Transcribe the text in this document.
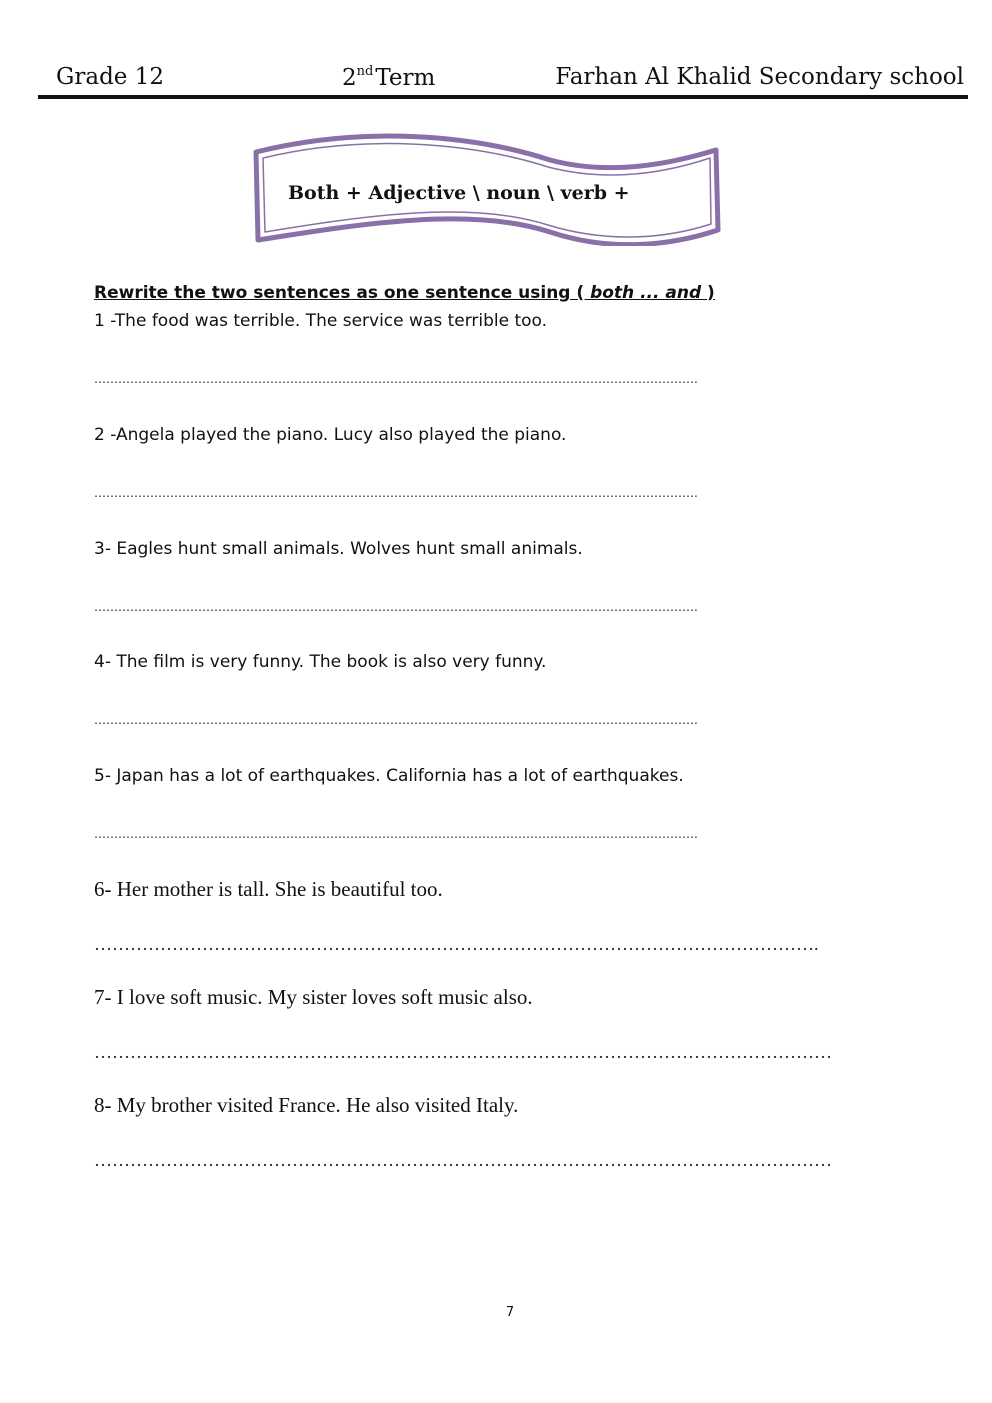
Grade 12	2ndTerm	Farhan Al Khalid Secondary school
Both + Adjective \ noun \ verb +
Rewrite the two sentences as one sentence using ( both ... and )
1 -The food was terrible. The service was terrible too.
…………………………………………………………………………………………………………………………………….
2 -Angela played the piano. Lucy also played the piano.
…………………………………………………………………………………………………………………………………….
3- Eagles hunt small animals. Wolves hunt small animals.
…………………………………………………………………………………………………………………………………….
4- The film is very funny. The book is also very funny.
…………………………………………………………………………………………………………………………………….
5- Japan has a lot of earthquakes. California has a lot of earthquakes.
…………………………………………………………………………………………………………………………………….
6- Her mother is tall. She is beautiful too.
………………………………………………………………………………………………………….
7- I love soft music. My sister loves soft music also.
……………………………………………………………………………………………………………
8- My brother visited France. He also visited Italy.
……………………………………………………………………………………………………………
7
